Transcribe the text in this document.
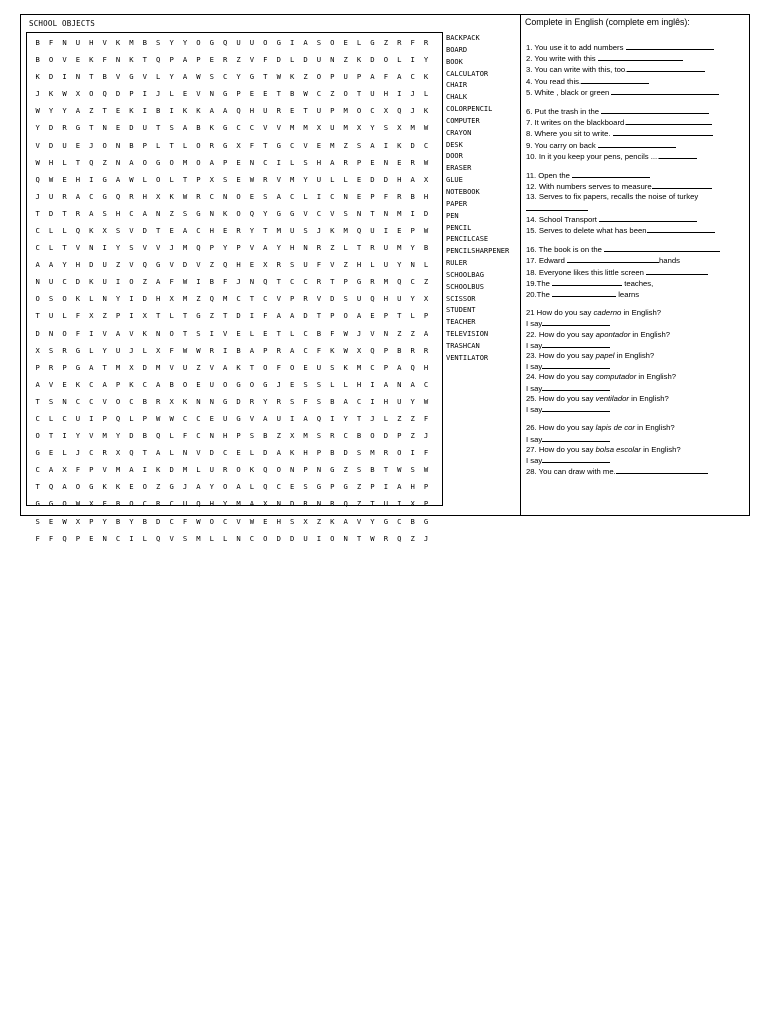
SCHOOL OBJECTS
B	F	N	U	H	V	K	M	B	S	Y	Y	O	G	Q	U	U	O	G	I	A	S	O	E	L	G	Z	R	F	R
B	O	V	E	K	F	N	K	T	Q	P	A	P	E	R	Z	V	F	D	L	D	U	N	Z	K	D	O	L	I	Y
K	D	I	N	T	B	V	G	V	L	Y	A	W	S	C	Y	G	T	W	K	Z	O	P	U	P	A	F	A	C	K
J	K	W	X	O	Q	D	P	I	J	L	E	V	N	G	P	E	E	T	B	W	C	Z	O	T	U	H	I	J	L
W	Y	Y	A	Z	T	E	K	I	B	I	K	K	A	A	Q	H	U	R	E	T	U	P	M	O	C	X	Q	J	K
Y	D	R	G	T	N	E	D	U	T	S	A	B	K	G	C	C	V	V	M	M	X	U	M	X	Y	S	X	M	W
V	D	U	E	J	O	N	B	P	L	T	L	O	R	G	X	F	T	G	C	V	E	M	Z	S	A	I	K	D	C
W	H	L	T	Q	Z	N	A	O	G	O	M	O	A	P	E	N	C	I	L	S	H	A	R	P	E	N	E	R	W
Q	W	E	H	I	G	A	W	L	O	L	T	P	X	S	E	W	R	V	M	Y	U	L	L	E	D	D	H	A	X
J	U	R	A	C	G	Q	R	H	X	K	W	R	C	N	O	E	S	A	C	L	I	C	N	E	P	F	R	B	H
T	D	T	R	A	S	H	C	A	N	Z	S	G	N	K	O	Q	Y	G	G	V	C	V	S	N	T	N	M	I	D
C	L	L	Q	K	X	S	V	D	T	E	A	C	H	E	R	Y	T	M	U	S	J	K	M	Q	U	I	E	P	W
C	L	T	V	N	I	Y	S	V	V	J	M	Q	P	Y	P	V	A	Y	H	N	R	Z	L	T	R	U	M	Y	B
A	A	Y	H	D	U	Z	V	Q	G	V	D	V	Z	Q	H	E	X	R	S	U	F	V	Z	H	L	U	Y	N	L
N	U	C	D	K	U	I	O	Z	A	F	W	I	B	F	J	N	Q	T	C	C	R	T	P	G	R	M	Q	C	Z
O	S	O	K	L	N	Y	I	D	H	X	M	Z	Q	M	C	T	C	V	P	R	V	D	S	U	Q	H	U	Y	X
T	U	L	F	X	Z	P	I	X	T	L	T	G	Z	T	D	I	F	A	A	D	T	P	O	A	E	P	T	L	P
D	N	O	F	I	V	A	V	K	N	O	T	S	I	V	E	L	E	T	L	C	B	F	W	J	V	N	Z	Z	A
X	S	R	G	L	Y	U	J	L	X	F	W	W	R	I	B	A	P	R	A	C	F	K	W	X	Q	P	B	R	R
P	R	P	G	A	T	M	X	D	M	V	U	Z	V	A	K	T	O	F	O	E	U	S	K	M	C	P	A	Q	H
A	V	E	K	C	A	P	K	C	A	B	O	E	U	O	G	O	G	J	E	S	S	L	L	H	I	A	N	A	C
T	S	N	C	C	V	O	C	B	R	X	K	N	N	G	D	R	Y	R	S	F	S	B	A	C	I	H	U	Y	W
C	L	C	U	I	P	Q	L	P	W	W	C	C	E	U	G	V	A	U	I	A	Q	I	Y	T	J	L	Z	Z	F
O	T	I	Y	V	M	Y	D	B	Q	L	F	C	N	H	P	S	B	Z	X	M	S	R	C	B	O	D	P	Z	J
G	E	L	J	C	R	X	Q	T	A	L	N	V	D	C	E	L	D	A	K	H	P	B	D	S	M	R	O	I	F
C	A	X	F	P	V	M	A	I	K	D	M	L	U	R	O	K	Q	O	N	P	N	G	Z	S	B	T	W	S	W
T	Q	A	O	G	K	K	E	O	Z	G	J	A	Y	O	A	L	Q	C	E	S	G	P	G	Z	P	I	A	H	P
G	G	O	W	X	F	B	O	C	R	C	U	Q	H	Y	M	A	X	N	D	R	N	R	Q	Z	T	U	I	X	P
S	E	W	X	P	Y	B	Y	B	D	C	F	W	O	C	V	W	E	H	S	X	Z	K	A	V	Y	G	C	B	G
F	F	Q	P	E	N	C	I	L	Q	V	S	M	L	L	N	C	O	D	D	U	I	O	N	T	W	R	Q	Z	J
BACKPACK
BOARD
BOOK
CALCULATOR
CHAIR
CHALK
COLORPENCIL
COMPUTER
CRAYON
DESK
DOOR
ERASER
GLUE
NOTEBOOK
PAPER
PEN
PENCIL
PENCILCASE
PENCILSHARPENER
RULER
SCHOOLBAG
SCHOOLBUS
SCISSOR
STUDENT
TEACHER
TELEVISION
TRASHCAN
VENTILATOR
Complete in English (complete em inglês):
1. You use it to add numbers
2. You write with this
3. You can write with this, too.
4. You read this.
5. White , black or green
6. Put the trash in the
7. It writes on the blackboard.
8. Where you sit to write.
9. You carry on back
10. In it you keep your pens, pencils ....
11. Open the
12. With numbers serves to measure
13. Serves to fix papers, recalls the noise of turkey
14. School Transport
15. Serves to delete what has been
16. The book is on the
17. Edward	hands
18. Everyone likes this little screen
19.The	teaches,
20.The	learns
21 How do you say caderno in English?
I say
22. How do you say apontador in English?
I say
23. How do you say papel in English?
I say
24. How do you say computador in English?
I say
25. How do you say ventilador in English?
I say
26. How do you say lapis de cor in English?
I say
27. How do you say bolsa escolar in English?
I say
28. You can draw with me.
